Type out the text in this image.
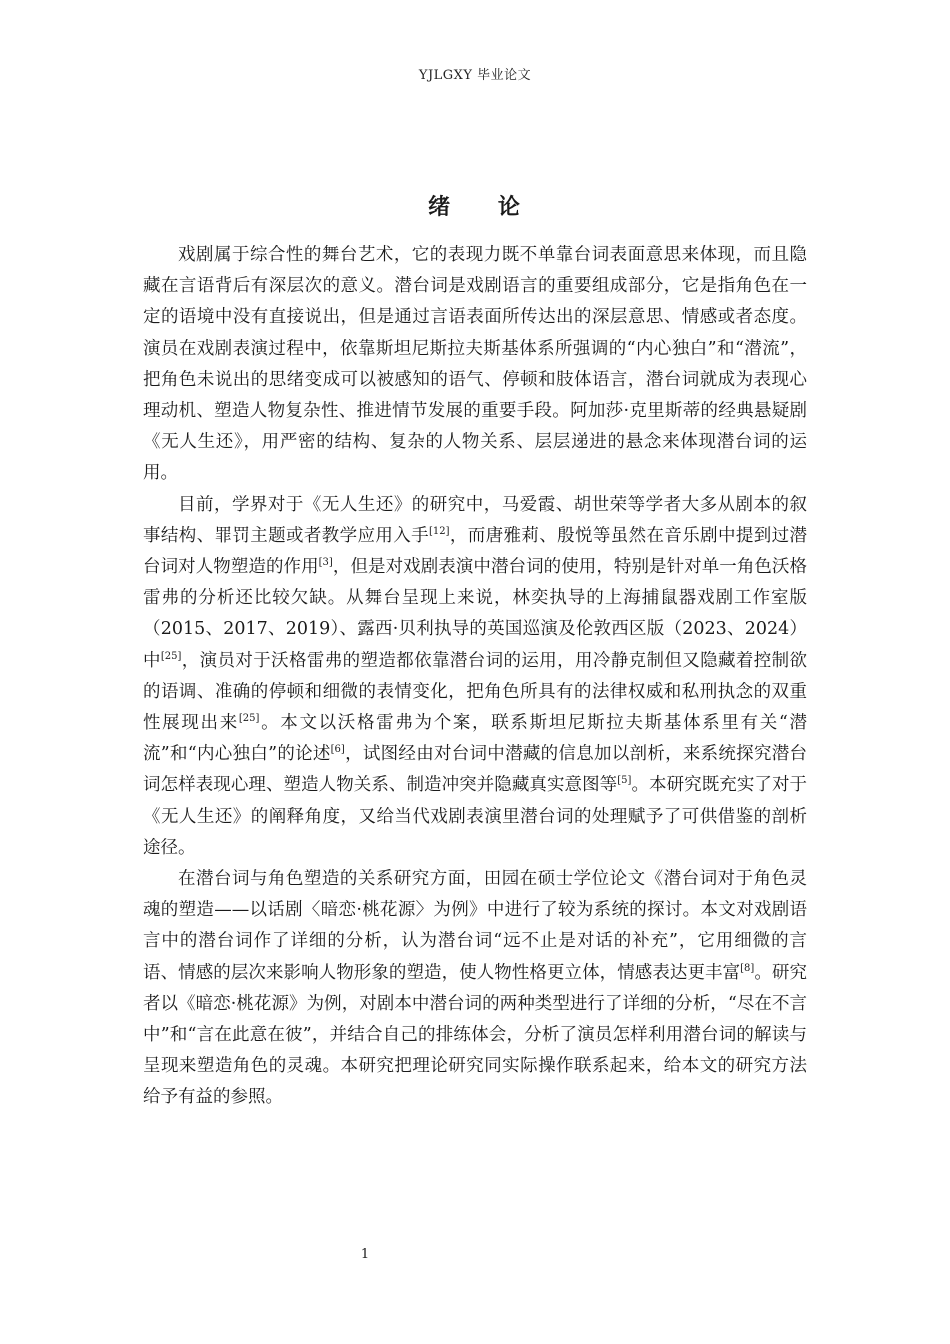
YJLGXY 毕业论文
绪 论

戏剧属于综合性的舞台艺术，它的表现力既不单靠台词表面意思来体现，而且隐藏在言语背后有深层次的意义。潜台词是戏剧语言的重要组成部分，它是指角色在一定的语境中没有直接说出，但是通过言语表面所传达出的深层意思、情感或者态度。演员在戏剧表演过程中，依靠斯坦尼斯拉夫斯基体系所强调的“内心独白”和“潜流”，把角色未说出的思绪变成可以被感知的语气、停顿和肢体语言，潜台词就成为表现心理动机、塑造人物复杂性、推进情节发展的重要手段。阿加莎·克里斯蒂的经典悬疑剧《无人生还》，用严密的结构、复杂的人物关系、层层递进的悬念来体现潜台词的运用。

目前，学界对于《无人生还》的研究中，马爱霞、胡世荣等学者大多从剧本的叙事结构、罪罚主题或者教学应用入手[12]，而唐雅莉、殷悦等虽然在音乐剧中提到过潜台词对人物塑造的作用[3]，但是对戏剧表演中潜台词的使用，特别是针对单一角色沃格雷弗的分析还比较欠缺。从舞台呈现上来说，林奕执导的上海捕鼠器戏剧工作室版（2015、2017、2019）、露西·贝利执导的英国巡演及伦敦西区版（2023、2024）中[25]，演员对于沃格雷弗的塑造都依靠潜台词的运用，用冷静克制但又隐藏着控制欲的语调、准确的停顿和细微的表情变化，把角色所具有的法律权威和私刑执念的双重性展现出来[25]。本文以沃格雷弗为个案，联系斯坦尼斯拉夫斯基体系里有关“潜流”和“内心独白”的论述[6]，试图经由对台词中潜藏的信息加以剖析，来系统探究潜台词怎样表现心理、塑造人物关系、制造冲突并隐藏真实意图等[5]。本研究既充实了对于《无人生还》的阐释角度，又给当代戏剧表演里潜台词的处理赋予了可供借鉴的剖析途径。

在潜台词与角色塑造的关系研究方面，田园在硕士学位论文《潜台词对于角色灵魂的塑造——以话剧〈暗恋·桃花源〉为例》中进行了较为系统的探讨。本文对戏剧语言中的潜台词作了详细的分析，认为潜台词“远不止是对话的补充”，它用细微的言语、情感的层次来影响人物形象的塑造，使人物性格更立体，情感表达更丰富[8]。研究者以《暗恋·桃花源》为例，对剧本中潜台词的两种类型进行了详细的分析，“尽在不言中”和“言在此意在彼”，并结合自己的排练体会，分析了演员怎样利用潜台词的解读与呈现来塑造角色的灵魂。本研究把理论研究同实际操作联系起来，给本文的研究方法给予有益的参照。

1
